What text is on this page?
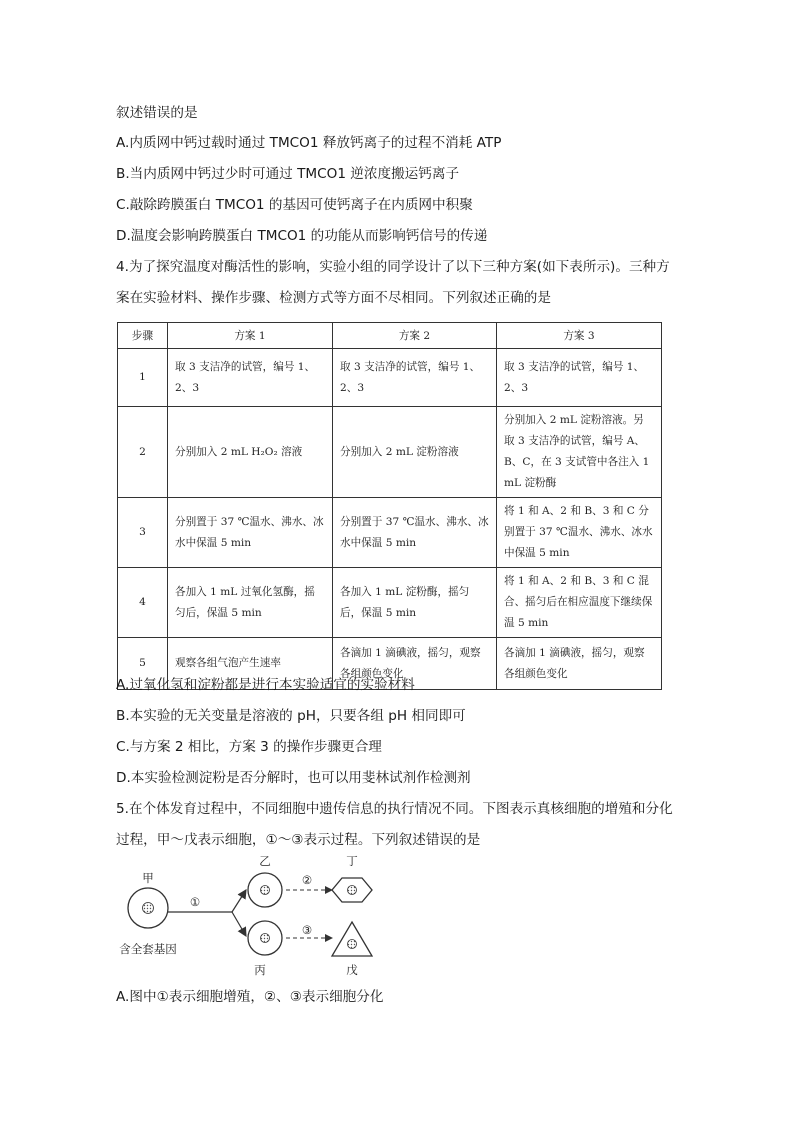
叙述错误的是

A.内质网中钙过载时通过 TMCO1 释放钙离子的过程不消耗 ATP

B.当内质网中钙过少时可通过 TMCO1 逆浓度搬运钙离子

C.敲除跨膜蛋白 TMCO1 的基因可使钙离子在内质网中积聚

D.温度会影响跨膜蛋白 TMCO1 的功能从而影响钙信号的传递

4.为了探究温度对酶活性的影响，实验小组的同学设计了以下三种方案(如下表所示)。三种方

案在实验材料、操作步骤、检测方式等方面不尽相同。下列叙述正确的是

步骤	方案 1	方案 2	方案 3
1	取 3 支洁净的试管，编号 1、2、3	取 3 支洁净的试管，编号 1、2、3	取 3 支洁净的试管，编号 1、2、3
2	分别加入 2 mL H₂O₂ 溶液	分别加入 2 mL 淀粉溶液	分别加入 2 mL 淀粉溶液。另取 3 支洁净的试管，编号 A、B、C，在 3 支试管中各注入 1 mL 淀粉酶
3	分别置于 37 ℃温水、沸水、冰水中保温 5 min	分别置于 37 ℃温水、沸水、冰水中保温 5 min	将 1 和 A、2 和 B、3 和 C 分别置于 37 ℃温水、沸水、冰水中保温 5 min
4	各加入 1 mL 过氧化氢酶，摇匀后，保温 5 min	各加入 1 mL 淀粉酶，摇匀后，保温 5 min	将 1 和 A、2 和 B、3 和 C 混合、摇匀后在相应温度下继续保温 5 min
5	观察各组气泡产生速率	各滴加 1 滴碘液，摇匀，观察各组颜色变化	各滴加 1 滴碘液，摇匀，观察各组颜色变化

A.过氧化氢和淀粉都是进行本实验适宜的实验材料

B.本实验的无关变量是溶液的 pH，只要各组 pH 相同即可

C.与方案 2 相比，方案 3 的操作步骤更合理

D.本实验检测淀粉是否分解时，也可以用斐林试剂作检测剂

5.在个体发育过程中，不同细胞中遗传信息的执行情况不同。下图表示真核细胞的增殖和分化

过程，甲～戊表示细胞，①～③表示过程。下列叙述错误的是

甲
含全套基因
①
乙
丙
②
③
丁
戊

A.图中①表示细胞增殖，②、③表示细胞分化
